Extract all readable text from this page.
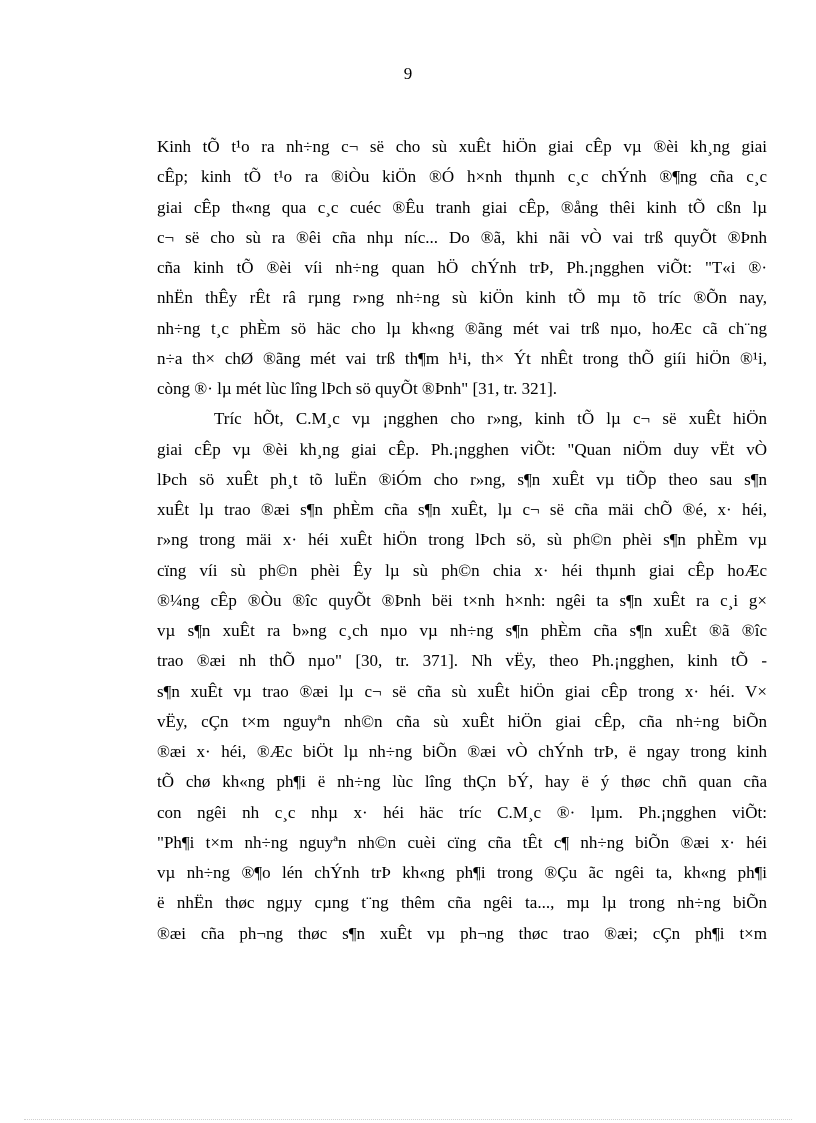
9
Kinh tÕ t¹o ra nh÷ng c¬ së cho sù xuÊt hiÖn giai cÊp vµ ®èi kh¸ng giai
cÊp; kinh tÕ t¹o ra ®iÒu kiÖn ®Ó h×nh thµnh c¸c chÝnh ®¶ng cña c¸c
giai cÊp th«ng qua c¸c cuéc ®Êu tranh giai cÊp, ®ång thêi kinh tÕ cßn lµ
c¬ së cho sù ra ®êi cña nhµ níc... Do ®ã, khi nãi vÒ vai trß quyÕt ®Þnh
cña kinh tÕ ®èi víi nh÷ng quan hÖ chÝnh trÞ, Ph.¡ngghen viÕt: "T«i ®·
nhËn thÊy rÊt râ rµng r»ng nh÷ng sù kiÖn kinh tÕ mµ tõ tríc ®Õn nay,
nh÷ng t¸c phÈm sö häc cho lµ kh«ng ®ãng mét vai trß nµo, hoÆc cã ch¨ng
n÷a th× chØ ®ãng mét vai trß th¶m h¹i, th× Ýt nhÊt trong thÕ giíi hiÖn ®¹i,
còng ®· lµ mét lùc lîng lÞch sö quyÕt ®Þnh" [31, tr. 321].
Tríc hÕt, C.M¸c vµ ¡ngghen cho r»ng, kinh tÕ lµ c¬ së xuÊt hiÖn
giai cÊp vµ ®èi kh¸ng giai cÊp. Ph.¡ngghen viÕt: "Quan niÖm duy vËt vÒ
lÞch sö xuÊt ph¸t tõ luËn ®iÓm cho r»ng, s¶n xuÊt vµ tiÕp theo sau s¶n
xuÊt lµ trao ®æi s¶n phÈm cña s¶n xuÊt, lµ c¬ së cña mäi chÕ ®é, x· héi,
r»ng trong mäi x· héi xuÊt hiÖn trong lÞch sö, sù ph©n phèi s¶n phÈm vµ
cïng víi sù ph©n phèi Êy lµ sù ph©n chia x· héi thµnh giai cÊp hoÆc
®¼ng cÊp ®Òu ®îc quyÕt ®Þnh bëi t×nh h×nh: ngêi ta s¶n xuÊt ra c¸i g×
vµ s¶n xuÊt ra b»ng c¸ch nµo vµ nh÷ng s¶n phÈm cña s¶n xuÊt ®ã ®îc
trao ®æi nh thÕ nµo" [30, tr. 371]. Nh vËy, theo Ph.¡ngghen, kinh tÕ -
s¶n xuÊt vµ trao ®æi lµ c¬ së cña sù xuÊt hiÖn giai cÊp trong x· héi. V×
vËy, cÇn t×m nguyªn nh©n cña sù xuÊt hiÖn giai cÊp, cña nh÷ng biÕn
®æi x· héi, ®Æc biÖt lµ nh÷ng biÕn ®æi vÒ chÝnh trÞ, ë ngay trong kinh
tÕ chø kh«ng ph¶i ë nh÷ng lùc lîng thÇn bÝ, hay ë ý thøc chñ quan cña
con ngêi nh c¸c nhµ x· héi häc tríc C.M¸c ®· lµm. Ph.¡ngghen viÕt:
"Ph¶i t×m nh÷ng nguyªn nh©n cuèi cïng cña tÊt c¶ nh÷ng biÕn ®æi x· héi
vµ nh÷ng ®¶o lén chÝnh trÞ kh«ng ph¶i trong ®Çu ãc ngêi ta, kh«ng ph¶i
ë nhËn thøc ngµy cµng t¨ng thêm cña ngêi ta..., mµ lµ trong nh÷ng biÕn
®æi cña ph¬ng thøc s¶n xuÊt vµ ph¬ng thøc trao ®æi; cÇn ph¶i t×m
